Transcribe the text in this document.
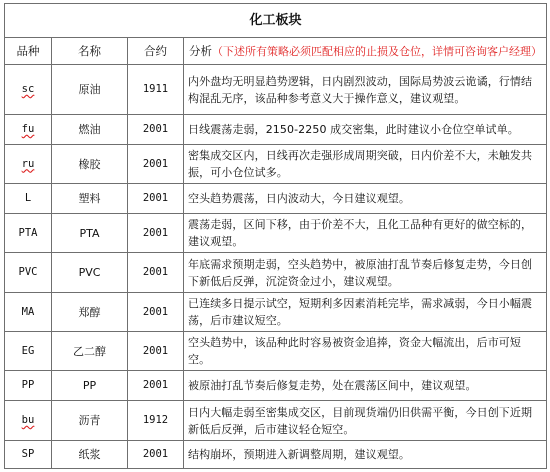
化工板块			
品种	名称	合约	分析（下述所有策略必须匹配相应的止损及仓位，详情可咨询客户经理）
sc	原油	1911	内外盘均无明显趋势逻辑，日内剧烈波动，国际局势波云诡谲，行情结构混乱无序，该品种参考意义大于操作意义，建议观望。
fu	燃油	2001	日线震荡走弱，2150-2250 成交密集，此时建议小仓位空单试单。
ru	橡胶	2001	密集成交区内，日线再次走强形成周期突破，日内价差不大，未触发共振，可小仓位试多。
L	塑料	2001	空头趋势震荡，日内波动大，今日建议观望。
PTA	PTA	2001	震荡走弱，区间下移，由于价差不大，且化工品种有更好的做空标的，建议观望。
PVC	PVC	2001	年底需求预期走弱，空头趋势中，被原油打乱节奏后修复走势，今日创下新低后反弹，沉淀资金过小，建议观望。
MA	郑醇	2001	已连续多日提示试空，短期利多因素消耗完毕，需求减弱，今日小幅震荡，后市建议短空。
EG	乙二醇	2001	空头趋势中，该品种此时容易被资金追捧，资金大幅流出，后市可短空。
PP	PP	2001	被原油打乱节奏后修复走势，处在震荡区间中，建议观望。
bu	沥青	1912	日内大幅走弱至密集成交区，目前现货端仍旧供需平衡，今日创下近期新低后反弹，后市建议轻仓短空。
SP	纸浆	2001	结构崩坏，预期进入新调整周期，建议观望。
